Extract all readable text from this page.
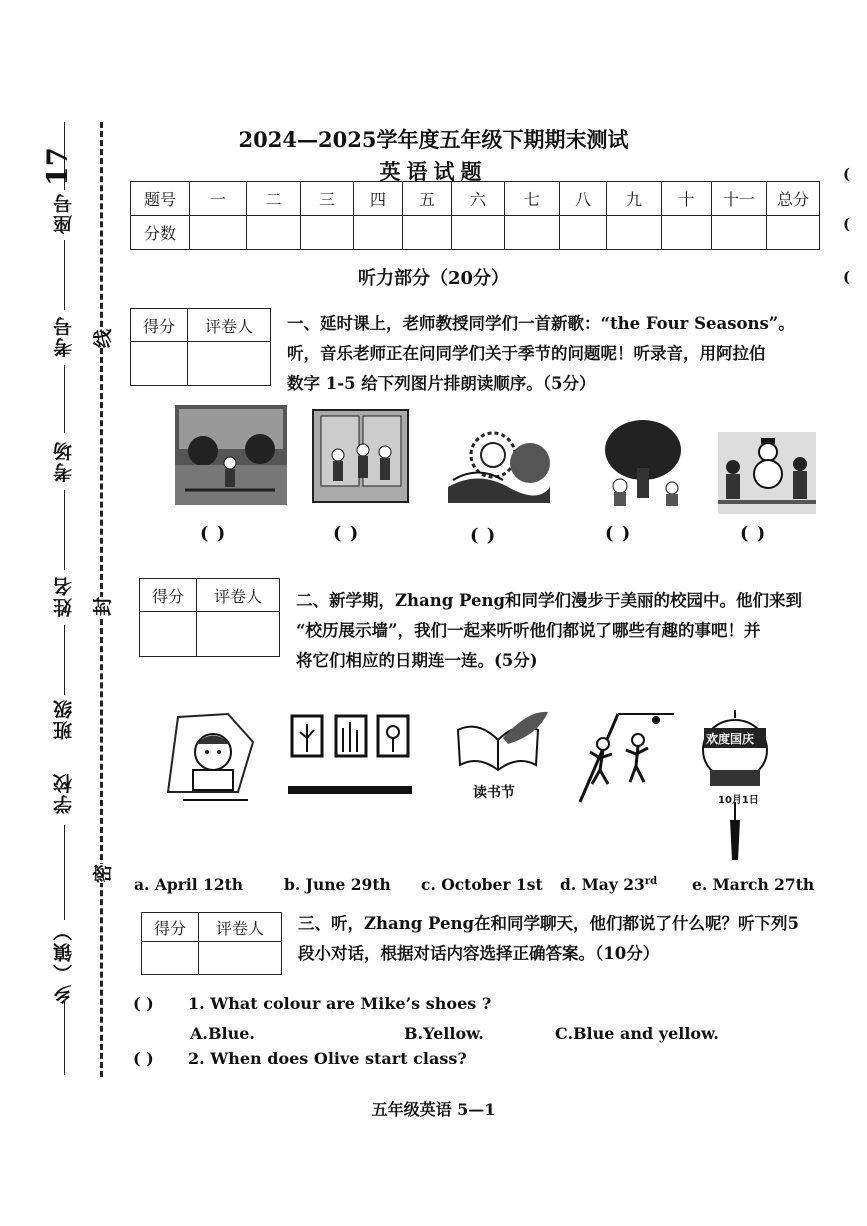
座号
17
考号
考场
姓名
班级
学校
乡（镇）
线
封
密
(
(
(
2024—2025学年度五年级下期期末测试
英语试题
题号	一	二	三	四	五	六	七	八	九	十	十一	总分
分数												
听力部分（20分）
得分	评卷人
	一、延时课上，老师教授同学们一首新歌：“the Four Seasons”。
听，音乐老师正在问同学们关于季节的问题呢！听录音，用阿拉伯
数字 1-5 给下列图片排朗读顺序。（5分）
( )	( )	( )	( )	( )
得分	评卷人
	二、新学期，Zhang Peng和同学们漫步于美丽的校园中。他们来到
“校历展示墙”，我们一起来听听他们都说了哪些有趣的事吧！并
将它们相应的日期连一连。(5分)
读书节
欢度国庆
10月1日
a. April 12th	b. June 29th c. October 1st d. May 23rd e. March 27th
得分	评卷人
	三、听，Zhang Peng在和同学聊天，他们都说了什么呢？听下列5
段小对话，根据对话内容选择正确答案。（10分）
( ) 1. What colour are Mike’s shoes ?
A.Blue.	B.Yellow.	C.Blue and yellow.
( ) 2. When does Olive start class?
五年级英语 5—1
